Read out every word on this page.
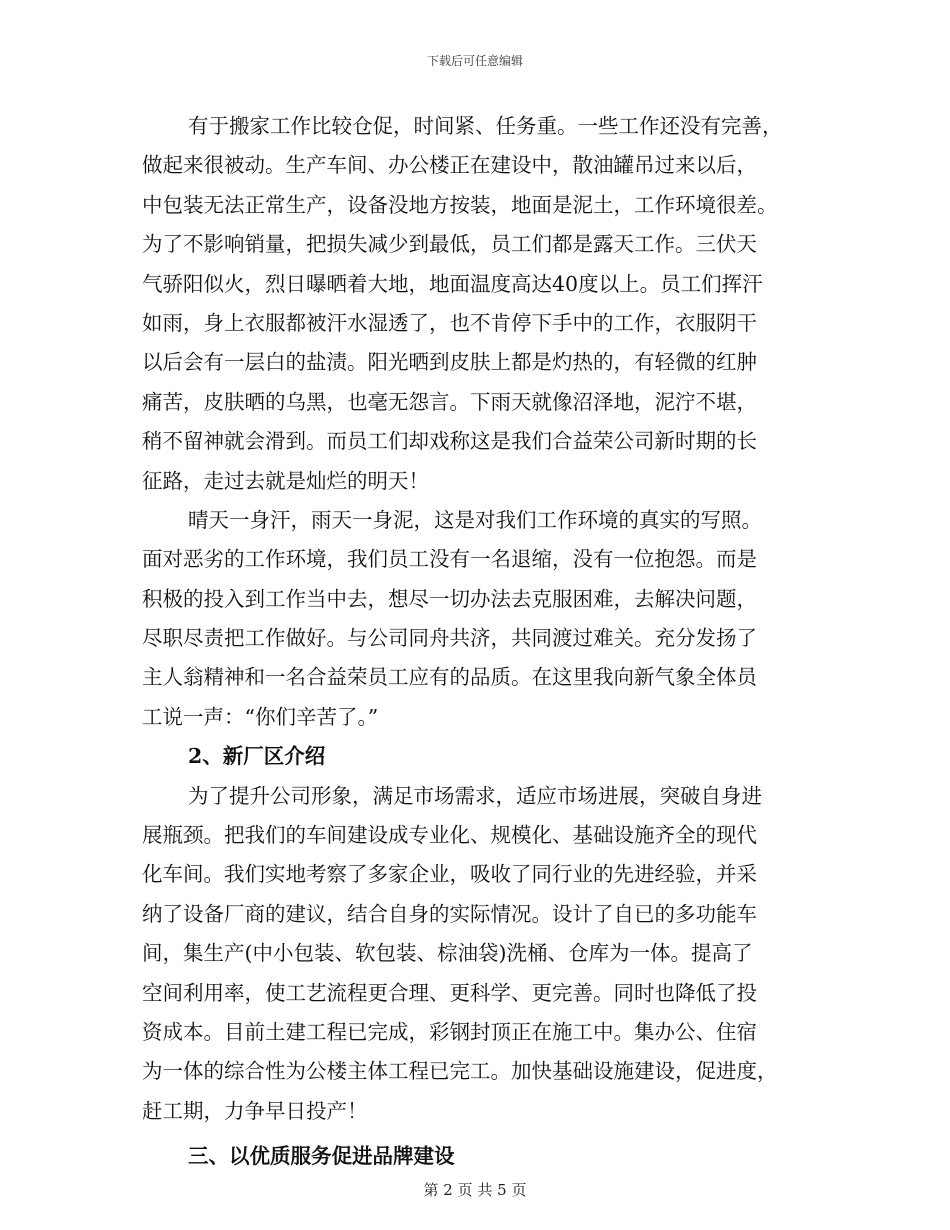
下载后可任意编辑
有于搬家工作比较仓促，时间紧、任务重。一些工作还没有完善，
做起来很被动。生产车间、办公楼正在建设中，散油罐吊过来以后，
中包装无法正常生产，设备没地方按装，地面是泥土，工作环境很差。
为了不影响销量，把损失减少到最低，员工们都是露天工作。三伏天
气骄阳似火，烈日曝晒着大地，地面温度高达40度以上。员工们挥汗
如雨，身上衣服都被汗水湿透了，也不肯停下手中的工作，衣服阴干
以后会有一层白的盐渍。阳光晒到皮肤上都是灼热的，有轻微的红肿
痛苦，皮肤晒的乌黑，也毫无怨言。下雨天就像沼泽地，泥泞不堪，
稍不留神就会滑到。而员工们却戏称这是我们合益荣公司新时期的长
征路，走过去就是灿烂的明天！
晴天一身汗，雨天一身泥，这是对我们工作环境的真实的写照。
面对恶劣的工作环境，我们员工没有一名退缩，没有一位抱怨。而是
积极的投入到工作当中去，想尽一切办法去克服困难，去解决问题，
尽职尽责把工作做好。与公司同舟共济，共同渡过难关。充分发扬了
主人翁精神和一名合益荣员工应有的品质。在这里我向新气象全体员
工说一声：“你们辛苦了。”
2、新厂区介绍
为了提升公司形象，满足市场需求，适应市场进展，突破自身进
展瓶颈。把我们的车间建设成专业化、规模化、基础设施齐全的现代
化车间。我们实地考察了多家企业，吸收了同行业的先进经验，并采
纳了设备厂商的建议，结合自身的实际情况。设计了自已的多功能车
间，集生产(中小包装、软包装、棕油袋)洗桶、仓库为一体。提高了
空间利用率，使工艺流程更合理、更科学、更完善。同时也降低了投
资成本。目前土建工程已完成，彩钢封顶正在施工中。集办公、住宿
为一体的综合性为公楼主体工程已完工。加快基础设施建设，促进度，
赶工期，力争早日投产！
三、以优质服务促进品牌建设
第 2 页 共 5 页
